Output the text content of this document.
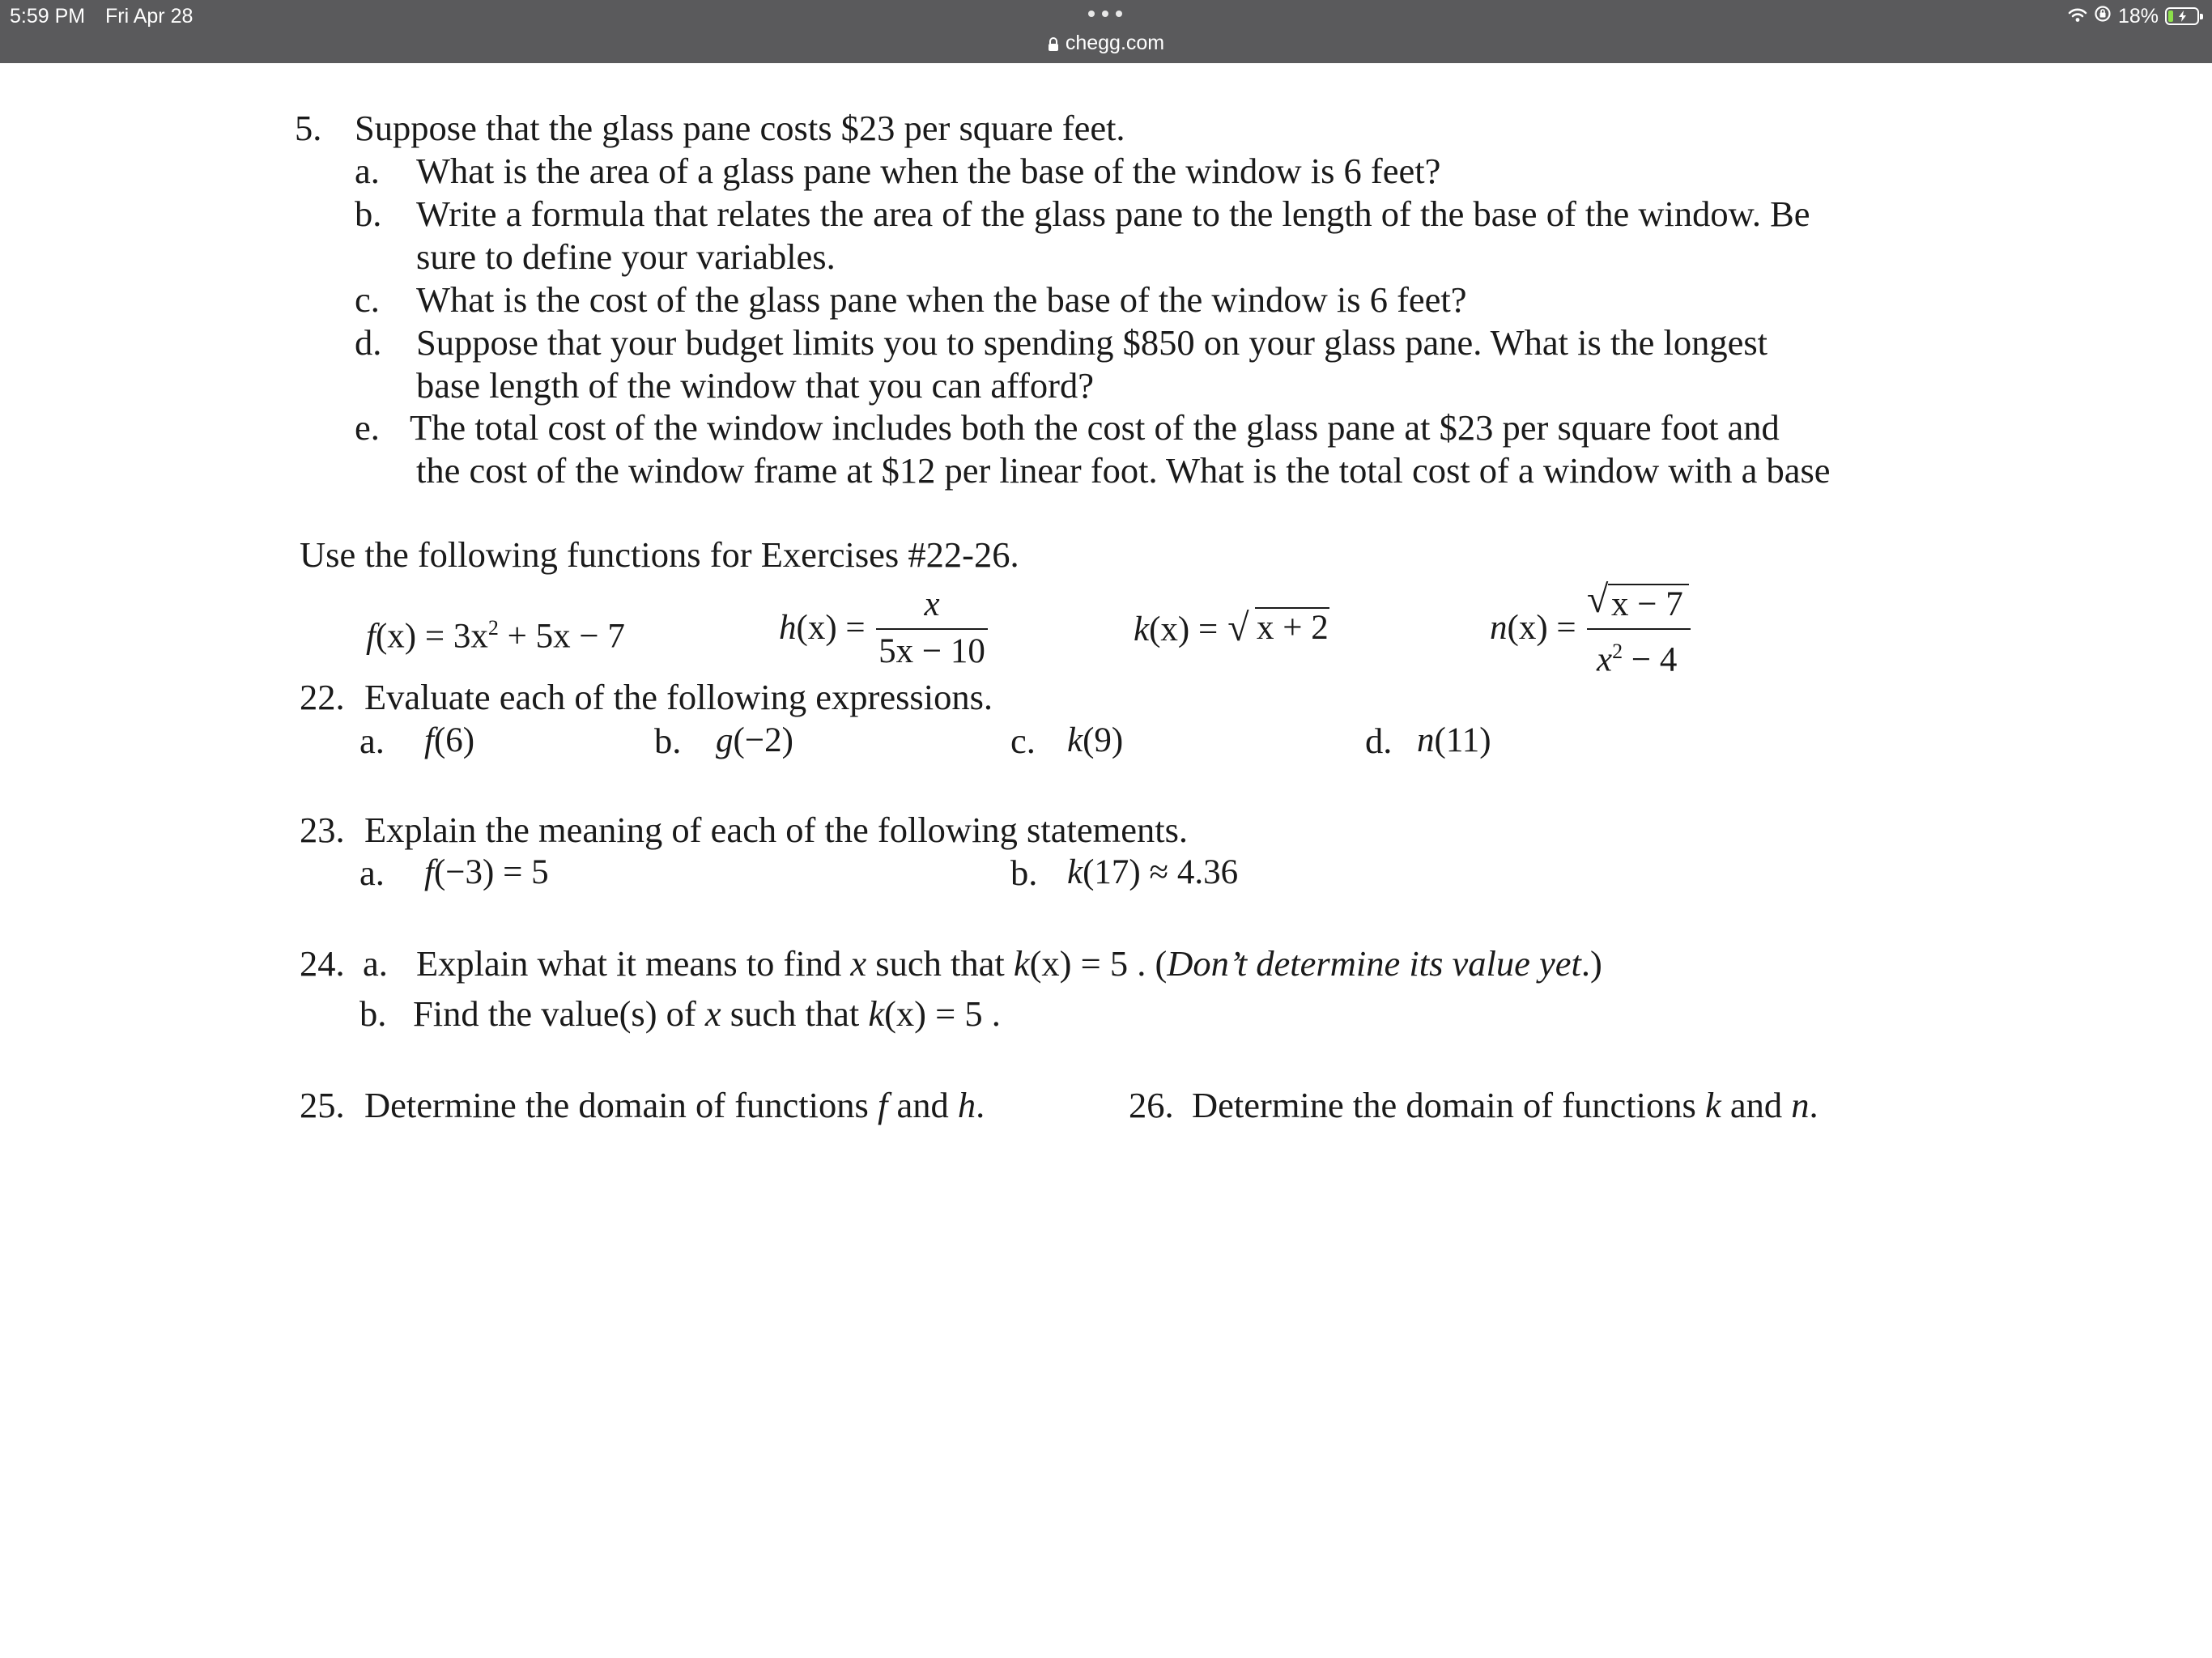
5:59 PM Fri Apr 28
chegg.com
18%
5. Suppose that the glass pane costs $23 per square feet.
a. What is the area of a glass pane when the base of the window is 6 feet?
b. Write a formula that relates the area of the glass pane to the length of the base of the window. Be
sure to define your variables.
c. What is the cost of the glass pane when the base of the window is 6 feet?
d. Suppose that your budget limits you to spending $850 on your glass pane. What is the longest
base length of the window that you can afford?
e. The total cost of the window includes both the cost of the glass pane at $23 per square foot and
the cost of the window frame at $12 per linear foot. What is the total cost of a window with a base
Use the following functions for Exercises #22-26.
$f(x) = 3x^2 + 5x - 7$	h(x) =
x
5x − 10
k(x) = √ x + 2	n(x) =
√ x − 7
$x^2 - 4$
22. Evaluate each of the following expressions.
a. f(6)	b. g(−2)	c. k(9)	d. n(11)
23. Explain the meaning of each of the following statements.
a. f(−3) = 5	b. k(17) ≈ 4.36
24. a. Explain what it means to find x such that k(x) = 5 . (Don’t determine its value yet.)
b. Find the value(s) of x such that k(x) = 5 .
25. Determine the domain of functions f and h.	26. Determine the domain of functions k and n.
